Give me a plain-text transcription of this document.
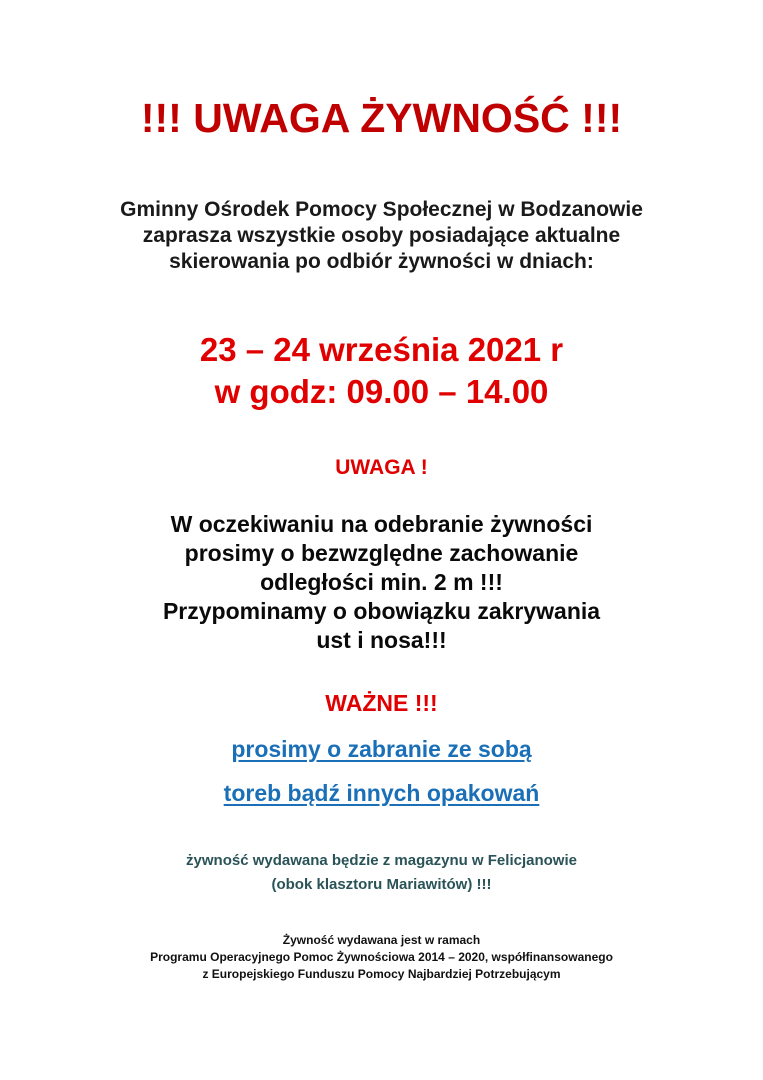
!!! UWAGA ŻYWNOŚĆ !!!
Gminny Ośrodek Pomocy Społecznej w Bodzanowie
zaprasza wszystkie osoby posiadające aktualne
skierowania po odbiór żywności w dniach:
23 – 24 września 2021 r
w godz: 09.00 – 14.00
UWAGA !
W oczekiwaniu na odebranie żywności
prosimy o bezwzględne zachowanie
odległości min. 2 m !!!
Przypominamy o obowiązku zakrywania
ust i nosa!!!
WAŻNE !!!
prosimy o zabranie ze sobą
toreb bądź innych opakowań
żywność wydawana będzie z magazynu w Felicjanowie
(obok klasztoru Mariawitów) !!!
Żywność wydawana jest w ramach
Programu Operacyjnego Pomoc Żywnościowa 2014 – 2020, współfinansowanego
z Europejskiego Funduszu Pomocy Najbardziej Potrzebującym
